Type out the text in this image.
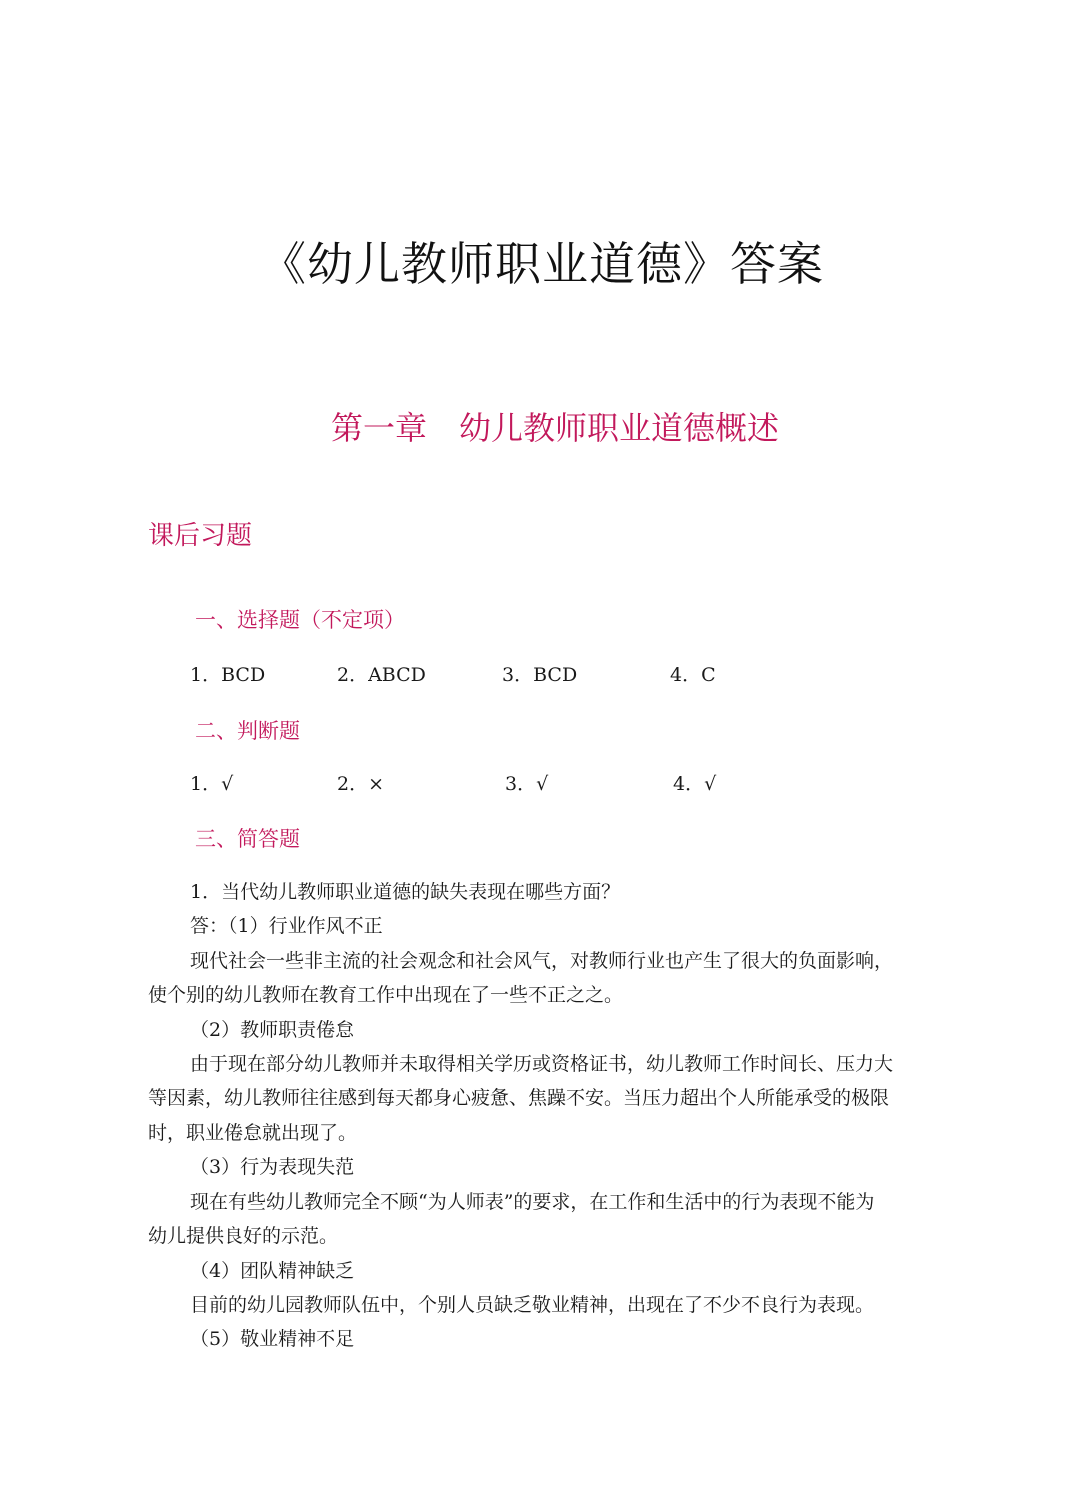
《幼儿教师职业道德》答案
第一章　幼儿教师职业道德概述
课后习题
一、选择题（不定项）
1．BCD	2．ABCD	3．BCD	4．C
二、判断题
1．√	2．×	3．√	4．√
三、简答题
1．当代幼儿教师职业道德的缺失表现在哪些方面？
答：（1）行业作风不正
现代社会一些非主流的社会观念和社会风气，对教师行业也产生了很大的负面影响，
使个别的幼儿教师在教育工作中出现在了一些不正之之。
（2）教师职责倦怠
由于现在部分幼儿教师并未取得相关学历或资格证书，幼儿教师工作时间长、压力大
等因素，幼儿教师往往感到每天都身心疲惫、焦躁不安。当压力超出个人所能承受的极限
时，职业倦怠就出现了。
（3）行为表现失范
现在有些幼儿教师完全不顾“为人师表”的要求，在工作和生活中的行为表现不能为
幼儿提供良好的示范。
（4）团队精神缺乏
目前的幼儿园教师队伍中，个别人员缺乏敬业精神，出现在了不少不良行为表现。
（5）敬业精神不足
